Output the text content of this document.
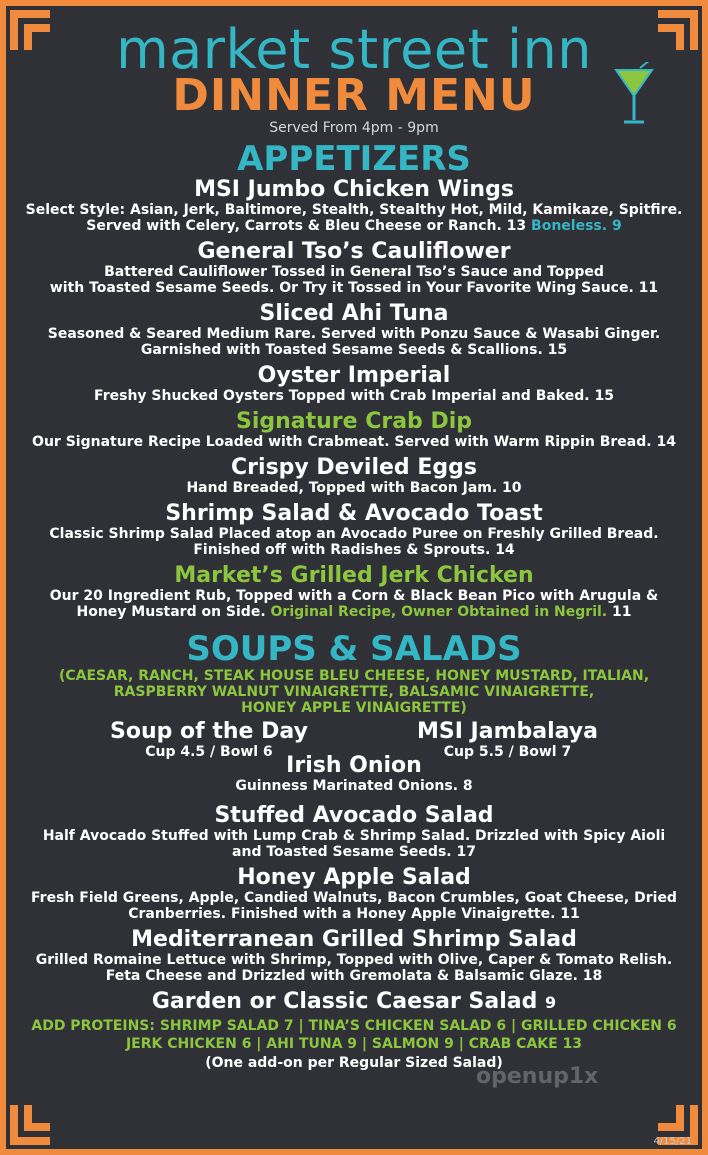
market street inn
DINNER MENU
Served From 4pm - 9pm
APPETIZERS
MSI Jumbo Chicken Wings
Select Style: Asian, Jerk, Baltimore, Stealth, Stealthy Hot, Mild, Kamikaze, Spitfire.
Served with Celery, Carrots & Bleu Cheese or Ranch. 13 Boneless. 9
General Tso’s Cauliflower
Battered Cauliflower Tossed in General Tso’s Sauce and Topped
with Toasted Sesame Seeds. Or Try it Tossed in Your Favorite Wing Sauce. 11
Sliced Ahi Tuna
Seasoned & Seared Medium Rare. Served with Ponzu Sauce & Wasabi Ginger.
Garnished with Toasted Sesame Seeds & Scallions. 15
Oyster Imperial
Freshy Shucked Oysters Topped with Crab Imperial and Baked. 15
Signature Crab Dip
Our Signature Recipe Loaded with Crabmeat. Served with Warm Rippin Bread. 14
Crispy Deviled Eggs
Hand Breaded, Topped with Bacon Jam. 10
Shrimp Salad & Avocado Toast
Classic Shrimp Salad Placed atop an Avocado Puree on Freshly Grilled Bread.
Finished off with Radishes & Sprouts. 14
Market’s Grilled Jerk Chicken
Our 20 Ingredient Rub, Topped with a Corn & Black Bean Pico with Arugula &
Honey Mustard on Side. Original Recipe, Owner Obtained in Negril. 11
SOUPS & SALADS
(CAESAR, RANCH, STEAK HOUSE BLEU CHEESE, HONEY MUSTARD, ITALIAN,
RASPBERRY WALNUT VINAIGRETTE, BALSAMIC VINAIGRETTE,
HONEY APPLE VINAIGRETTE)
Soup of the Day
Cup 4.5 / Bowl 6
MSI Jambalaya
Cup 5.5 / Bowl 7
Irish Onion
Guinness Marinated Onions. 8
Stuffed Avocado Salad
Half Avocado Stuffed with Lump Crab & Shrimp Salad. Drizzled with Spicy Aioli
and Toasted Sesame Seeds. 17
Honey Apple Salad
Fresh Field Greens, Apple, Candied Walnuts, Bacon Crumbles, Goat Cheese, Dried
Cranberries. Finished with a Honey Apple Vinaigrette. 11
Mediterranean Grilled Shrimp Salad
Grilled Romaine Lettuce with Shrimp, Topped with Olive, Caper & Tomato Relish.
Feta Cheese and Drizzled with Gremolata & Balsamic Glaze. 18
Garden or Classic Caesar Salad 9
ADD PROTEINS: SHRIMP SALAD 7 | TINA’S CHICKEN SALAD 6 | GRILLED CHICKEN 6
JERK CHICKEN 6 | AHI TUNA 9 | SALMON 9 | CRAB CAKE 13
(One add-on per Regular Sized Salad)
openup1x
4/15/21
